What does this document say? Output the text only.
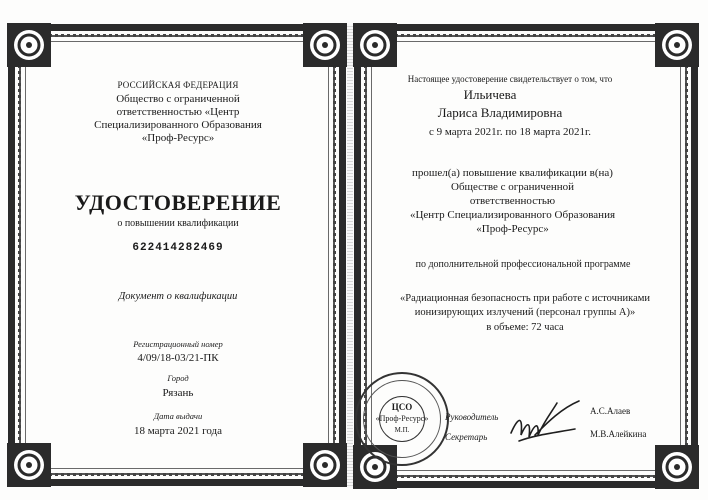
РОССИЙСКАЯ ФЕДЕРАЦИЯ
Общество с ограниченной
ответственностью «Центр
Специализированного Образования
«Проф-Ресурс»
УДОСТОВЕРЕНИЕ
о повышении квалификации
622414282469
Документ о квалификации
Регистрационный номер
4/09/18-03/21-ПК
Город
Рязань
Дата выдачи
18 марта 2021 года
Настоящее удостоверение свидетельствует о том, что
Ильичева
Лариса Владимировна
с 9 марта 2021г. по 18 марта 2021г.
прошел(а) повышение квалификации в(на)
Обществе с ограниченной
ответственностью
«Центр Специализированного Образования
«Проф-Ресурс»
по дополнительной профессиональной программе
«Радиационная безопасность при работе с источниками
ионизирующих излучений (персонал группы А)»
в объеме: 72 часа
ЦСО
«Проф-Ресурс»
М.П.
Руководитель
Секретарь
А.С.Алаев
М.В.Алейкина
